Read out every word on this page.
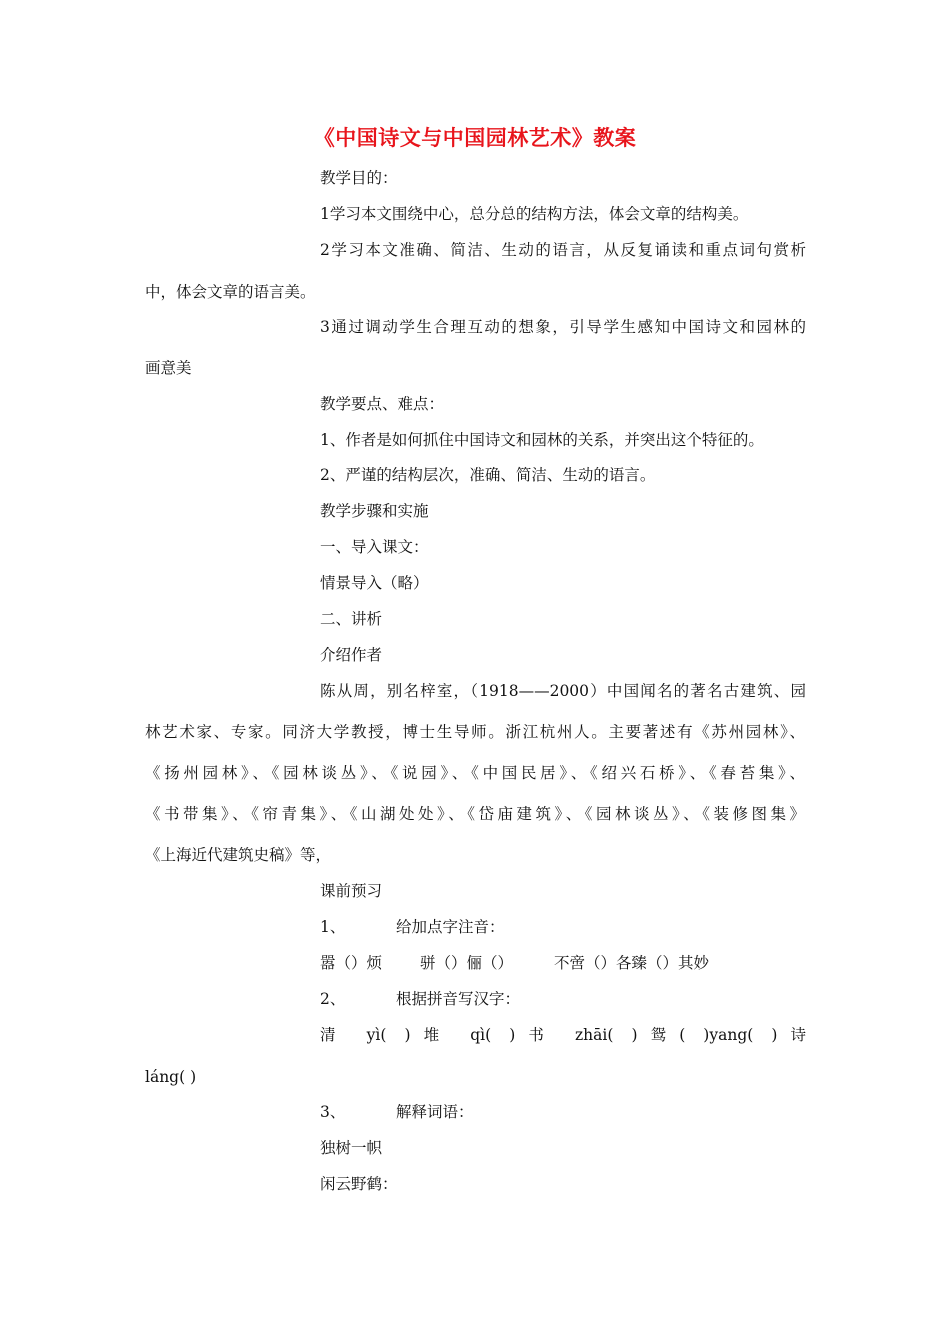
《中国诗文与中国园林艺术》教案
教学目的：
1学习本文围绕中心，总分总的结构方法，体会文章的结构美。
2学习本文准确、简洁、生动的语言，从反复诵读和重点词句赏析
中，体会文章的语言美。
3通过调动学生合理互动的想象，引导学生感知中国诗文和园林的
画意美
教学要点、难点：
1、作者是如何抓住中国诗文和园林的关系，并突出这个特征的。
2、严谨的结构层次，准确、简洁、生动的语言。
教学步骤和实施
一、导入课文：
情景导入（略）
二、讲析
介绍作者
陈从周，别名梓室，（1918——2000）中国闻名的著名古建筑、园
林艺术家、专家。同济大学教授，博士生导师。浙江杭州人。主要著述有《苏州园林》、
《扬州园林》、《园林谈丛》、《说园》、《中国民居》、《绍兴石桥》、《春苔集》、
《书带集》、《帘青集》、《山湖处处》、《岱庙建筑》、《园林谈丛》、《装修图集》
《上海近代建筑史稿》等，
课前预习
1、	给加点字注音：
嚣（）烦 骈（）俪（）	不啻（）各臻（）其妙
2、	根据拼音写汉字：
清 yì( )堆 qì( )书 zhāi( )鸳( )yang( )诗
láng( )
3、	解释词语：
独树一帜
闲云野鹤：
